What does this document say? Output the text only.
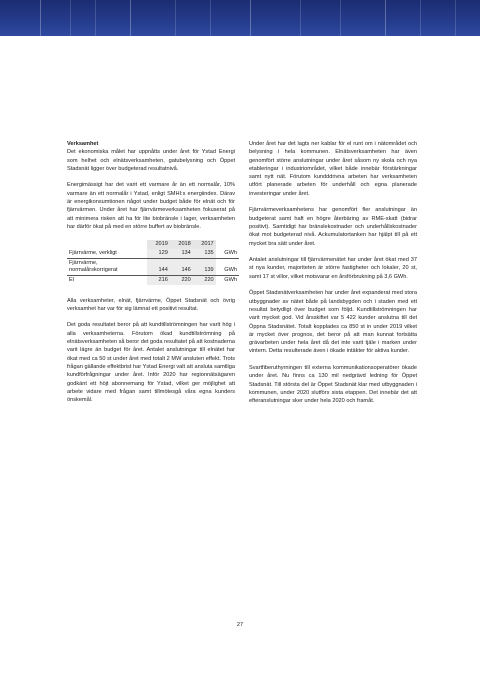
Verksamhet

Det ekonomiska målet har uppnåtts under året för Ystad Energi som helhet och elnätsverksamheten, gatubelysning och Öppet Stadsnät ligger över budgeterad resultatnivå.

Energimässigt har det varit ett varmare år än ett normalår, 10% varmare än ett normalår i Ystad, enligt SMHI:s energiindex. Därav är energikonsumtionen något under budget både för elnät och för fjärrvärmen. Under året har fjärrvärmeverksamheten fokuserat på att minimera risken att ha för lite biobränsle i lager, verksamheten har därför ökat på med en större buffert av biobränsle.

	2019	2018	2017	
Fjärrvärme, verkligt	129	134	135	GWh
Fjärrvärme, normalårskorrigerat	144	146	139	GWh
El	216	220	220	GWh

Alla verksamheter, elnät, fjärrvärme, Öppet Stadsnät och övrig verksamhet har var för sig lämnat ett positivt resultat.

Det goda resultatet beror på att kundtillströmningen har varit hög i alla verksamheterna. Förutom ökad kundtillströmning på elnätsverksamheten så beror det goda resultatet på att kostnaderna varit lägre än budget för året. Antalet anslutningar till elnätet har ökat med ca 50 st under året med totalt 2 MW ansluten effekt. Trots frågan gällande effektbrist har Ystad Energi valt att ansluta samtliga kundförfrågningar under året. Inför 2020 har regionnätsägaren godkänt ett höjt abonnemang för Ystad, vilket ger möjlighet att arbete vidare med frågan samt tillmötesgå våra egna kunders önskemål.

Under året har det lagts ner kablar för el runt om i nätområdet och belysning i hela kommunen. Elnätsverksamheten har även genomfört större anslutningar under året såsom ny skola och nya etableringar i industriområdet, vilket både innebär förstärkningar samt nytt nät. Förutom kundddrivna arbeten har verksamheten utfört planerade arbeten för underhåll och egna planerade investeringar under året.

Fjärrvärmeverksamhetens har genomfört fler anslutningar än budgeterat samt haft en högre återbäring av RME-skatt (bidrar positivt). Samtidigt har bränslekostnader och underhållskostnader ökat mot budgeterad nivå. Ackumulatortanken har hjälpt till på ett mycket bra sätt under året.

Antalet anslutningar till fjärrvärmenätet har under året ökat med 37 st nya kunder, majoriteten är större fastigheter och lokaler, 20 st, samt 17 st villor, vilket motsvarar en årsförbrukning på 3,6 GWh.

Öppet Stadsnätverksamheten har under året expanderat med stora utbyggnader av nätet både på landsbygden och i staden med ett resultat betydligt över budget som följd. Kundtillströmningen har varit mycket god. Vid årsskiftet var 5 422 kunder anslutna till det Öppna Stadsnätet. Totalt kopplades ca 850 st in under 2019 vilket är mycket över prognos, det beror på att man kunnat fortsätta grävarbeten under hela året då det inte varit tjäle i marken under vintern. Detta resulterade även i ökade intäkter för aktiva kunder.

Svartfiberuthyrningen till externa kommunikationsoperatörer ökade under året. Nu finns ca 130 mil nedgrävd ledning för Öppet Stadsnät. Till största del är Öppet Stadsnät klar med utbyggnaden i kommunen, under 2020 slutförs sista etappen. Det innebär det att efteranslutningar sker under hela 2020 och framåt.

27
